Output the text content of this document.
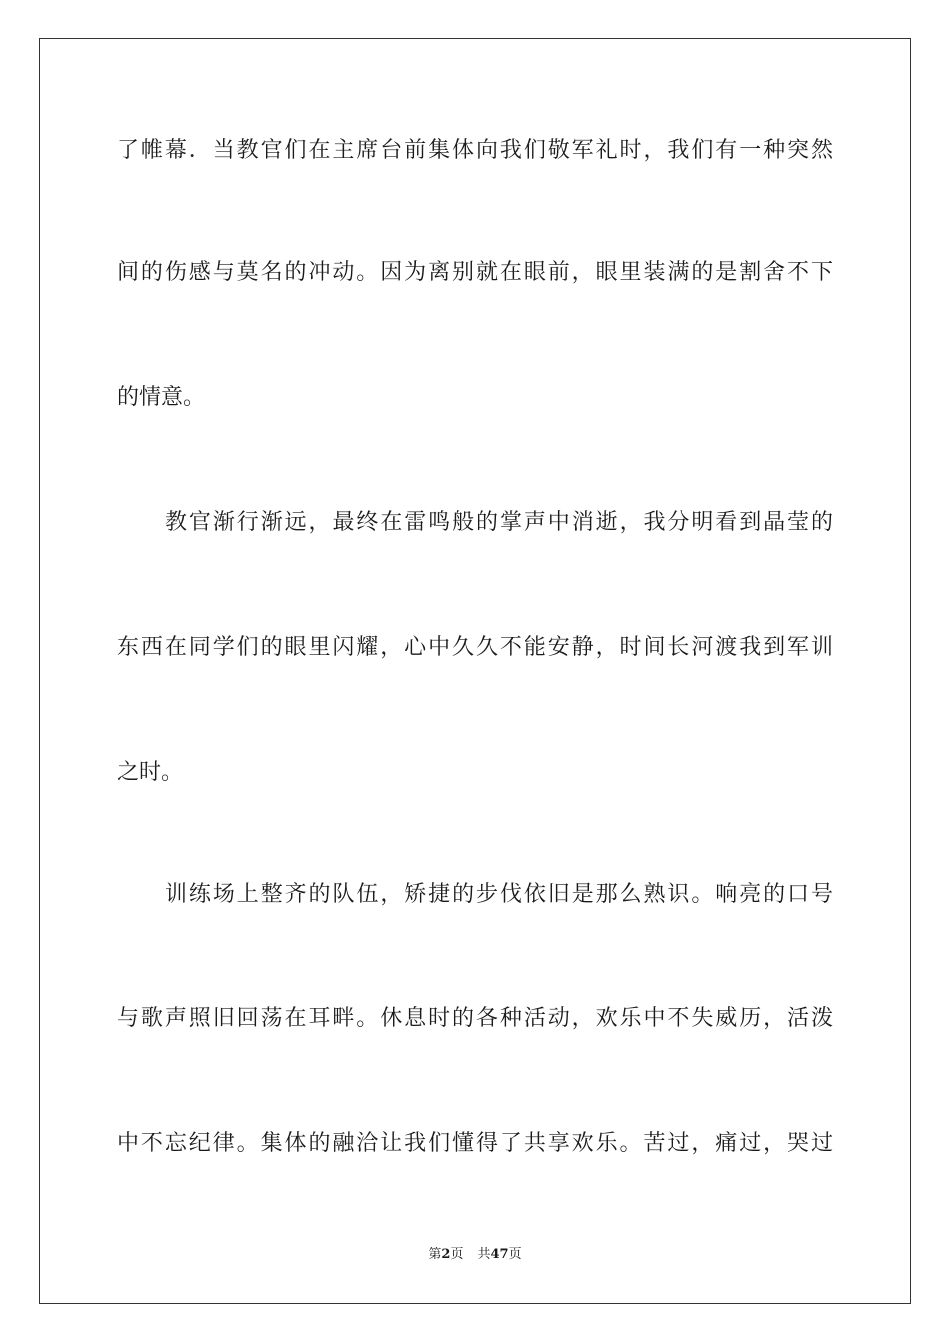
了帷幕．当教官们在主席台前集体向我们敬军礼时，我们有一种突然
间的伤感与莫名的冲动。因为离别就在眼前，眼里装满的是割舍不下
的情意。
教官渐行渐远，最终在雷鸣般的掌声中消逝，我分明看到晶莹的
东西在同学们的眼里闪耀，心中久久不能安静，时间长河渡我到军训
之时。
训练场上整齐的队伍，矫捷的步伐依旧是那么熟识。响亮的口号
与歌声照旧回荡在耳畔。休息时的各种活动，欢乐中不失威历，活泼
中不忘纪律。集体的融洽让我们懂得了共享欢乐。苦过，痛过，哭过
第2页 共47页
